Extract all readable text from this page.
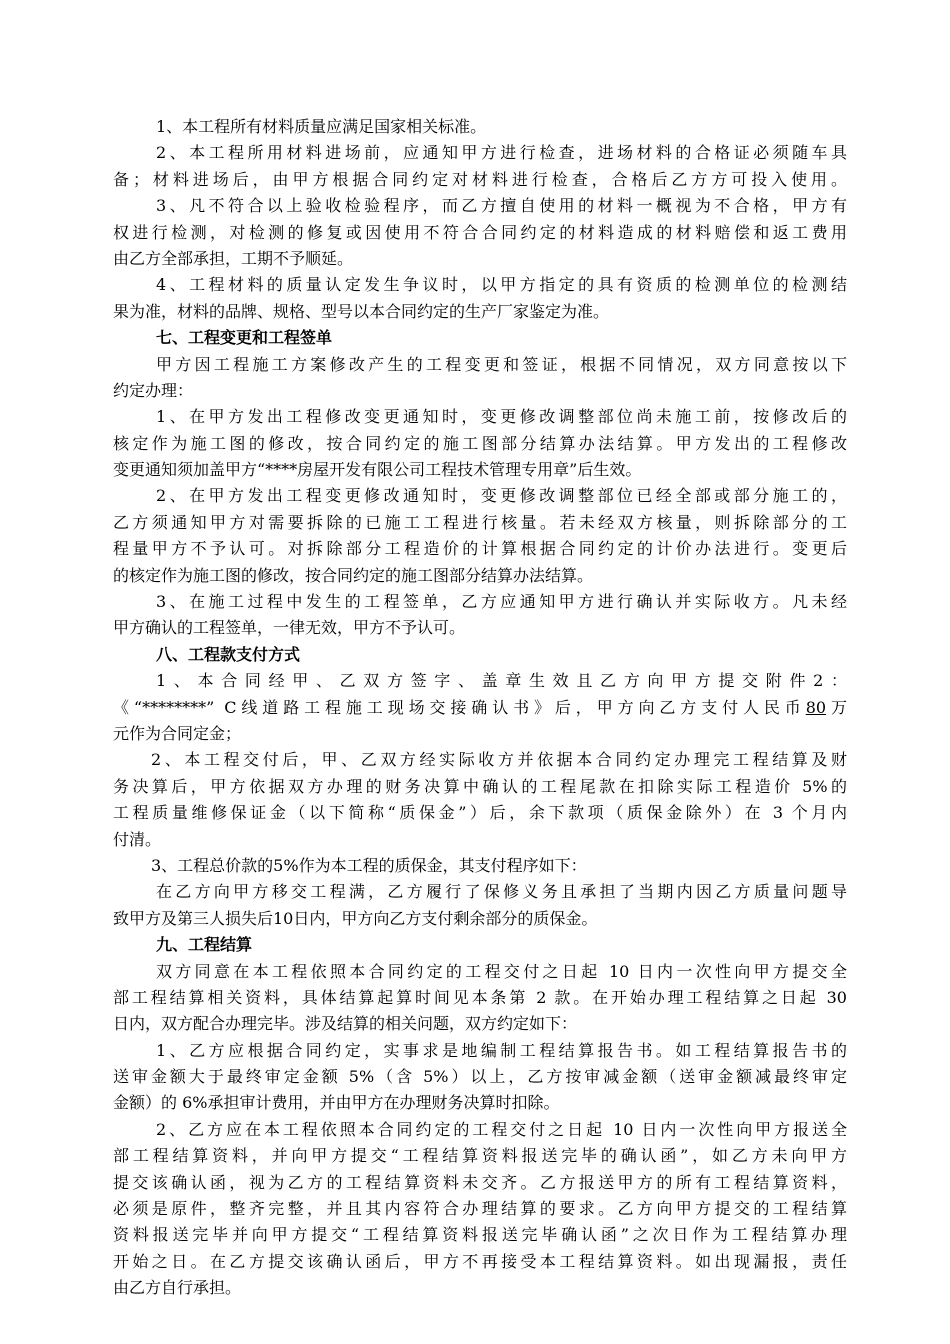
1、本工程所有材料质量应满足国家相关标准。
2、本工程所用材料进场前，应通知甲方进行检查，进场材料的合格证必须随车具
备；材料进场后，由甲方根据合同约定对材料进行检查，合格后乙方方可投入使用。
3、凡不符合以上验收检验程序，而乙方擅自使用的材料一概视为不合格，甲方有
权进行检测，对检测的修复或因使用不符合合同约定的材料造成的材料赔偿和返工费用
由乙方全部承担，工期不予顺延。
4、工程材料的质量认定发生争议时，以甲方指定的具有资质的检测单位的检测结
果为准，材料的品牌、规格、型号以本合同约定的生产厂家鉴定为准。
七、工程变更和工程签单
甲方因工程施工方案修改产生的工程变更和签证，根据不同情况，双方同意按以下
约定办理：
1、在甲方发出工程修改变更通知时，变更修改调整部位尚未施工前，按修改后的
核定作为施工图的修改，按合同约定的施工图部分结算办法结算。甲方发出的工程修改
变更通知须加盖甲方“****房屋开发有限公司工程技术管理专用章”后生效。
2、在甲方发出工程变更修改通知时，变更修改调整部位已经全部或部分施工的，
乙方须通知甲方对需要拆除的已施工工程进行核量。若未经双方核量，则拆除部分的工
程量甲方不予认可。对拆除部分工程造价的计算根据合同约定的计价办法进行。变更后
的核定作为施工图的修改，按合同约定的施工图部分结算办法结算。
3、在施工过程中发生的工程签单，乙方应通知甲方进行确认并实际收方。凡未经
甲方确认的工程签单，一律无效，甲方不予认可。
八、工程款支付方式
1、本合同经甲、乙双方签字、盖章生效且乙方向甲方提交附件2：
《“********” C线道路工程施工现场交接确认书》后，甲方向乙方支付人民币80万
元作为合同定金；
2、本工程交付后，甲、乙双方经实际收方并依据本合同约定办理完工程结算及财
务决算后，甲方依据双方办理的财务决算中确认的工程尾款在扣除实际工程造价 5%的
工程质量维修保证金（以下简称“质保金”）后，余下款项（质保金除外）在 3 个月内
付清。
3、工程总价款的5%作为本工程的质保金，其支付程序如下：
在乙方向甲方移交工程满，乙方履行了保修义务且承担了当期内因乙方质量问题导
致甲方及第三人损失后10日内，甲方向乙方支付剩余部分的质保金。
九、工程结算
双方同意在本工程依照本合同约定的工程交付之日起 10 日内一次性向甲方提交全
部工程结算相关资料，具体结算起算时间见本条第 2 款。在开始办理工程结算之日起 30
日内，双方配合办理完毕。涉及结算的相关问题，双方约定如下：
1、乙方应根据合同约定，实事求是地编制工程结算报告书。如工程结算报告书的
送审金额大于最终审定金额 5%（含 5%）以上，乙方按审减金额（送审金额减最终审定
金额）的 6%承担审计费用，并由甲方在办理财务决算时扣除。
2、乙方应在本工程依照本合同约定的工程交付之日起 10 日内一次性向甲方报送全
部工程结算资料，并向甲方提交“工程结算资料报送完毕的确认函”，如乙方未向甲方
提交该确认函，视为乙方的工程结算资料未交齐。乙方报送甲方的所有工程结算资料，
必须是原件，整齐完整，并且其内容符合办理结算的要求。乙方向甲方提交的工程结算
资料报送完毕并向甲方提交“工程结算资料报送完毕确认函”之次日作为工程结算办理
开始之日。在乙方提交该确认函后，甲方不再接受本工程结算资料。如出现漏报，责任
由乙方自行承担。
